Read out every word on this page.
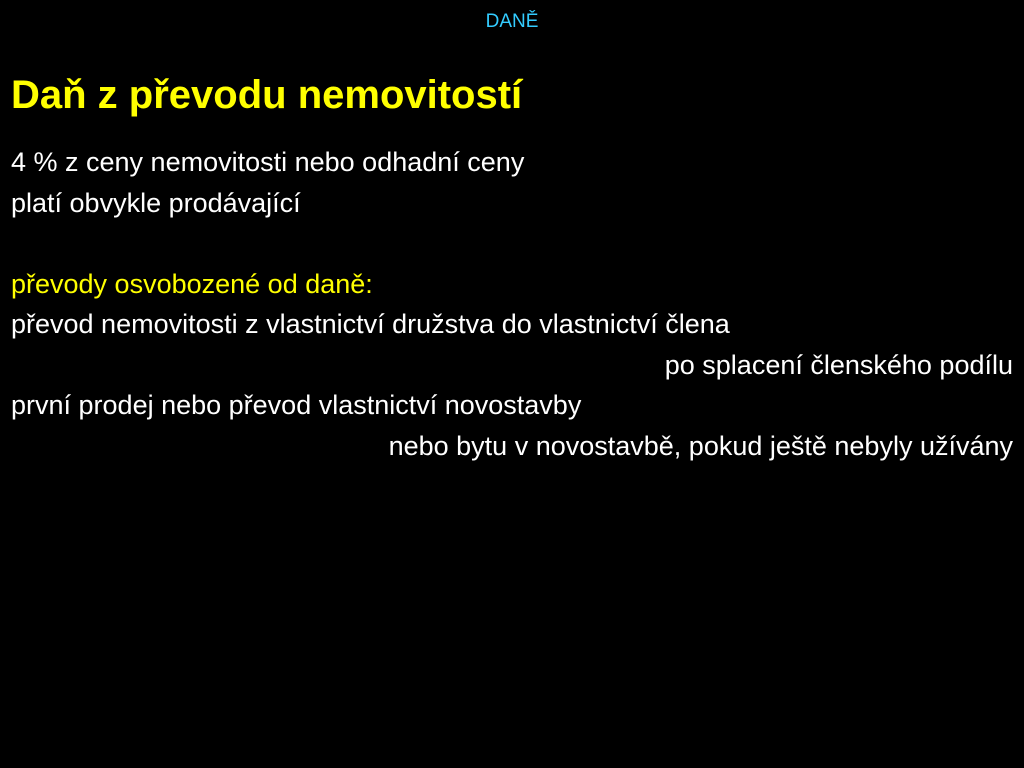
DANĚ
Daň z převodu nemovitostí
4 % z ceny nemovitosti nebo odhadní ceny
platí obvykle prodávající
převody osvobozené od daně:
převod nemovitosti z vlastnictví družstva do vlastnictví člena
po splacení členského podílu
první prodej nebo převod vlastnictví novostavby
nebo bytu v novostavbě, pokud ještě nebyly užívány
